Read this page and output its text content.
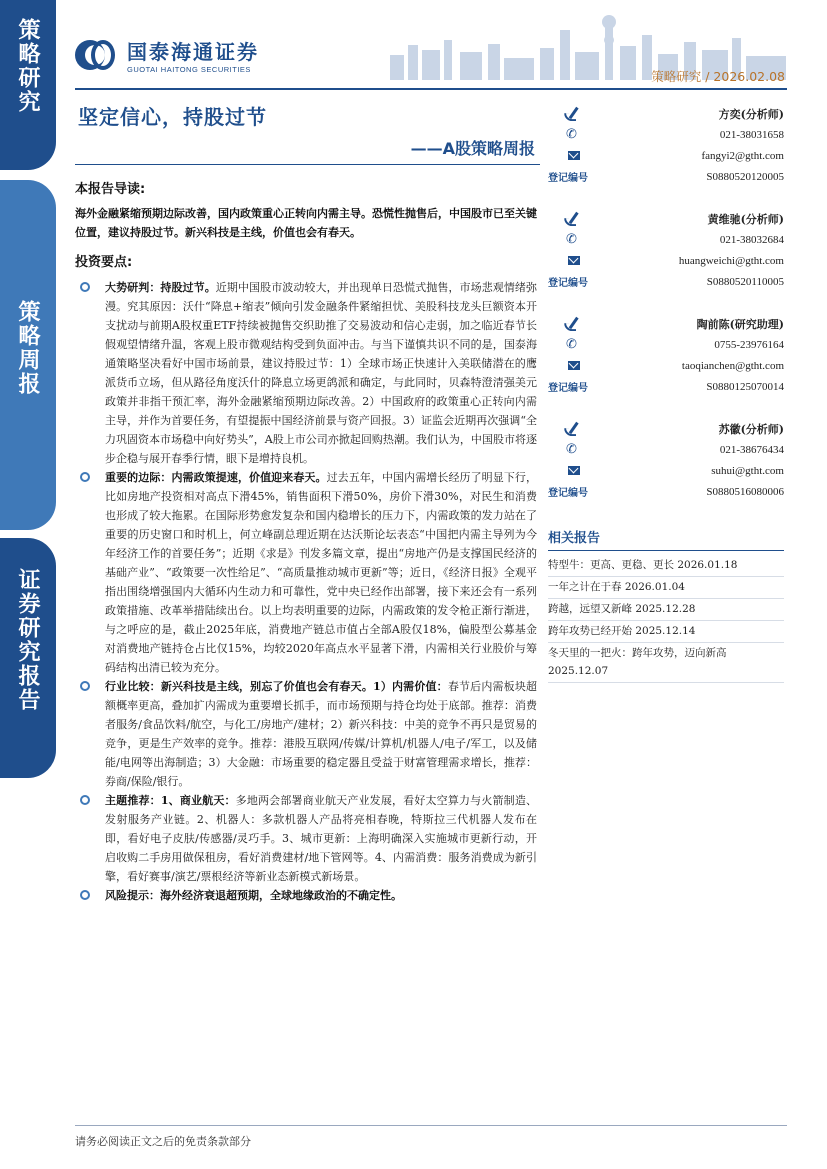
策略研究
策略周报
证券研究报告
国泰海通证券
GUOTAI HAITONG SECURITIES	策略研究 / 2026.02.08
坚定信心，持股过节
——A股策略周报
本报告导读:
海外金融紧缩预期边际改善，国内政策重心正转向内需主导。恐慌性抛售后，中国股市已至关键位置，建议持股过节。新兴科技是主线，价值也会有春天。
投资要点:
大势研判：持股过节。近期中国股市波动较大，并出现单日恐慌式抛售，市场悲观情绪弥漫。究其原因：沃什“降息+缩表”倾向引发金融条件紧缩担忧、美股科技龙头巨额资本开支扰动与前期A股权重ETF持续被抛售交织助推了交易波动和信心走弱，加之临近春节长假观望情绪升温，客观上股市微观结构受到负面冲击。与当下谨慎共识不同的是，国泰海通策略坚决看好中国市场前景，建议持股过节：1）全球市场正快速计入美联储潜在的鹰派货币立场，但从路径角度沃什的降息立场更鸽派和确定，与此同时，贝森特澄清强美元政策并非指干预汇率，海外金融紧缩预期边际改善。2）中国政府的政策重心正转向内需主导，并作为首要任务，有望提振中国经济前景与资产回报。3）证监会近期再次强调“全力巩固资本市场稳中向好势头”，A股上市公司亦掀起回购热潮。我们认为，中国股市将逐步企稳与展开春季行情，眼下是增持良机。
重要的边际：内需政策提速，价值迎来春天。过去五年，中国内需增长经历了明显下行，比如房地产投资相对高点下滑45%，销售面积下滑50%，房价下滑30%，对民生和消费也形成了较大拖累。在国际形势愈发复杂和国内稳增长的压力下，内需政策的发力站在了重要的历史窗口和时机上，何立峰副总理近期在达沃斯论坛表态“中国把内需主导列为今年经济工作的首要任务”；近期《求是》刊发多篇文章，提出“房地产仍是支撑国民经济的基础产业”、“政策要一次性给足”、“高质量推动城市更新”等；近日，《经济日报》全观平指出围绕增强国内大循环内生动力和可靠性，党中央已经作出部署，接下来还会有一系列政策措施、改革举措陆续出台。以上均表明重要的边际，内需政策的发令枪正渐行渐进，与之呼应的是，截止2025年底，消费地产链总市值占全部A股仅18%，偏股型公募基金对消费地产链持仓占比仅15%，均较2020年高点水平显著下滑，内需相关行业股价与筹码结构出清已较为充分。
行业比较：新兴科技是主线，别忘了价值也会有春天。1）内需价值：春节后内需板块超额概率更高，叠加扩内需成为重要增长抓手，而市场预期与持仓均处于底部。推荐：消费者服务/食品饮料/航空，与化工/房地产/建材；2）新兴科技：中美的竞争不再只是贸易的竞争，更是生产效率的竞争。推荐：港股互联网/传媒/计算机/机器人/电子/军工，以及储能/电网等出海制造；3）大金融：市场重要的稳定器且受益于财富管理需求增长，推荐：券商/保险/银行。
主题推荐：1、商业航天：多地两会部署商业航天产业发展，看好太空算力与火箭制造、发射服务产业链。2、机器人：多款机器人产品将亮相春晚，特斯拉三代机器人发布在即，看好电子皮肤/传感器/灵巧手。3、城市更新：上海明确深入实施城市更新行动，开启收购二手房用做保租房，看好消费建材/地下管网等。4、内需消费：服务消费成为新引擎，看好赛事/演艺/票根经济等新业态新模式新场景。
风险提示：海外经济衰退超预期，全球地缘政治的不确定性。
方奕(分析师)
✆	021-38031658
fangyi2@gtht.com
登记编号	S0880520120005
黄维驰(分析师)
✆	021-38032684
huangweichi@gtht.com
登记编号	S0880520110005
陶前陈(研究助理)
✆	0755-23976164
taoqianchen@gtht.com
登记编号	S0880125070014
苏徽(分析师)
✆	021-38676434
suhui@gtht.com
登记编号	S0880516080006
相关报告
特型牛：更高、更稳、更长 2026.01.18
一年之计在于春 2026.01.04
跨越，远望又新峰 2025.12.28
跨年攻势已经开始 2025.12.14
冬天里的一把火：跨年攻势，迈向新高 2025.12.07
请务必阅读正文之后的免责条款部分
